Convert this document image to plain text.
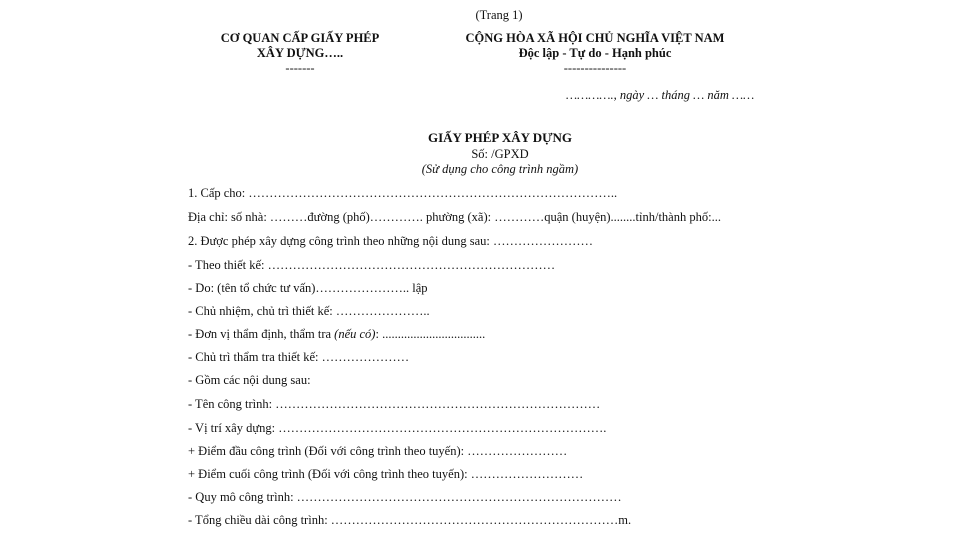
(Trang 1)
CƠ QUAN CẤP GIẤY PHÉP
XÂY DỰNG…..
-------
CỘNG HÒA XÃ HỘI CHỦ NGHĨA VIỆT NAM
Độc lập - Tự do - Hạnh phúc
---------------
…………., ngày … tháng … năm ……
GIẤY PHÉP XÂY DỰNG
Số: /GPXD
(Sử dụng cho công trình ngầm)
1. Cấp cho: ……………………………………………………………………………..
Địa chỉ: số nhà: ………đường (phố)…………. phường (xã): …………quận (huyện)........tỉnh/thành phố:...
2. Được phép xây dựng công trình theo những nội dung sau: ……………………
- Theo thiết kế: ……………………………………………………………
- Do: (tên tổ chức tư vấn)………………….. lập
- Chủ nhiệm, chủ trì thiết kế: …………………..
- Đơn vị thẩm định, thẩm tra (nếu có): .................................
- Chủ trì thẩm tra thiết kế: …………………
- Gồm các nội dung sau:
- Tên công trình: ……………………………………………………………………
- Vị trí xây dựng: …………………………………………………………………….
+ Điểm đầu công trình (Đối với công trình theo tuyến): ……………………
+ Điểm cuối công trình (Đối với công trình theo tuyến): ………………………
- Quy mô công trình: ……………………………………………………………………
- Tổng chiều dài công trình: ……………………………………………………………m.
